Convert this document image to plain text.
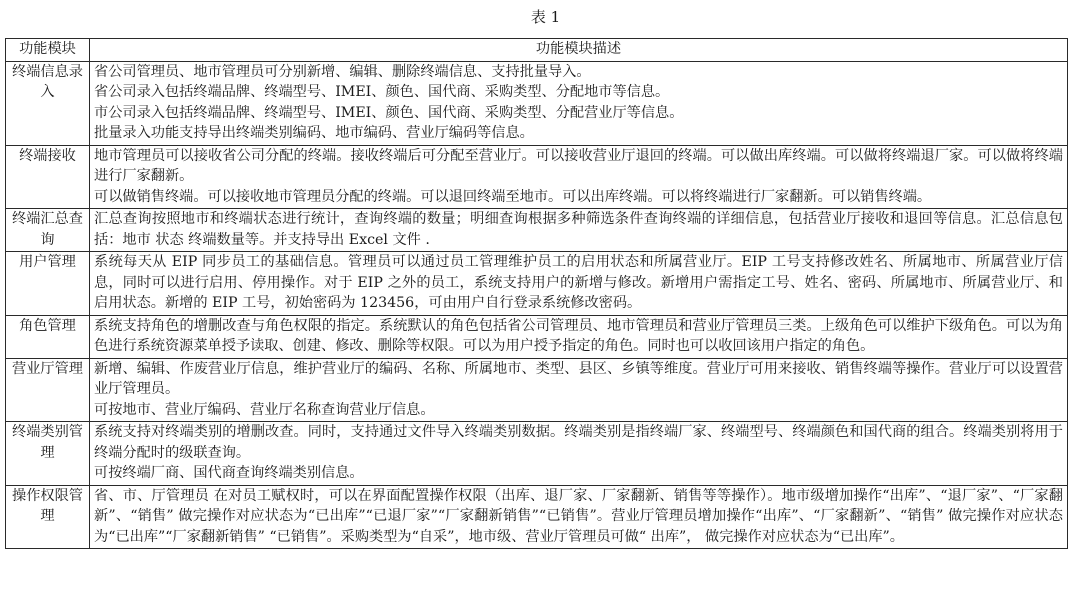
表 1
功能模块	功能模块描述
终端信息录入	省公司管理员、地市管理员可分别新增、编辑、删除终端信息、支持批量导入。
省公司录入包括终端品牌、终端型号、IMEI、颜色、国代商、采购类型、分配地市等信息。
市公司录入包括终端品牌、终端型号、IMEI、颜色、国代商、采购类型、分配营业厅等信息。
批量录入功能支持导出终端类别编码、地市编码、营业厅编码等信息。

终端接收	地市管理员可以接收省公司分配的终端。接收终端后可分配至营业厅。可以接收营业厅退回的终端。可以做出库终端。可以做将终端退厂家。可以做将终端进行厂家翻新。
可以做销售终端。可以接收地市管理员分配的终端。可以退回终端至地市。可以出库终端。可以将终端进行厂家翻新。可以销售终端。

终端汇总查询	汇总查询按照地市和终端状态进行统计，查询终端的数量；明细查询根据多种筛选条件查询终端的详细信息，包括营业厅接收和退回等信息。汇总信息包括：地市 状态 终端数量等。并支持导出 Excel 文件 .

用户管理	系统每天从 EIP 同步员工的基础信息。管理员可以通过员工管理维护员工的启用状态和所属营业厅。EIP 工号支持修改姓名、所属地市、所属营业厅信息，同时可以进行启用、停用操作。对于 EIP 之外的员工，系统支持用户的新增与修改。新增用户需指定工号、姓名、密码、所属地市、所属营业厅、和启用状态。新增的 EIP 工号，初始密码为 123456，可由用户自行登录系统修改密码。

角色管理	系统支持角色的增删改查与角色权限的指定。系统默认的角色包括省公司管理员、地市管理员和营业厅管理员三类。上级角色可以维护下级角色。可以为角色进行系统资源菜单授予读取、创建、修改、删除等权限。可以为用户授予指定的角色。同时也可以收回该用户指定的角色。

营业厅管理	新增、编辑、作废营业厅信息，维护营业厅的编码、名称、所属地市、类型、县区、乡镇等维度。营业厅可用来接收、销售终端等操作。营业厅可以设置营业厅管理员。
可按地市、营业厅编码、营业厅名称查询营业厅信息。

终端类别管理	系统支持对终端类别的增删改查。同时，支持通过文件导入终端类别数据。终端类别是指终端厂家、终端型号、终端颜色和国代商的组合。终端类别将用于终端分配时的级联查询。
可按终端厂商、国代商查询终端类别信息。

操作权限管理	省、市、厅管理员 在对员工赋权时，可以在界面配置操作权限（出库、退厂家、厂家翻新、销售等等操作）。地市级增加操作“出库”、“退厂家”、“厂家翻新”、“销售” 做完操作对应状态为“已出库”“已退厂家”“厂家翻新销售”“已销售”。营业厅管理员增加操作“出库”、“厂家翻新”、“销售” 做完操作对应状态为“已出库”“厂家翻新销售” “已销售”。采购类型为“自采”，地市级、营业厅管理员可做“ 出库”， 做完操作对应状态为“已出库”。
